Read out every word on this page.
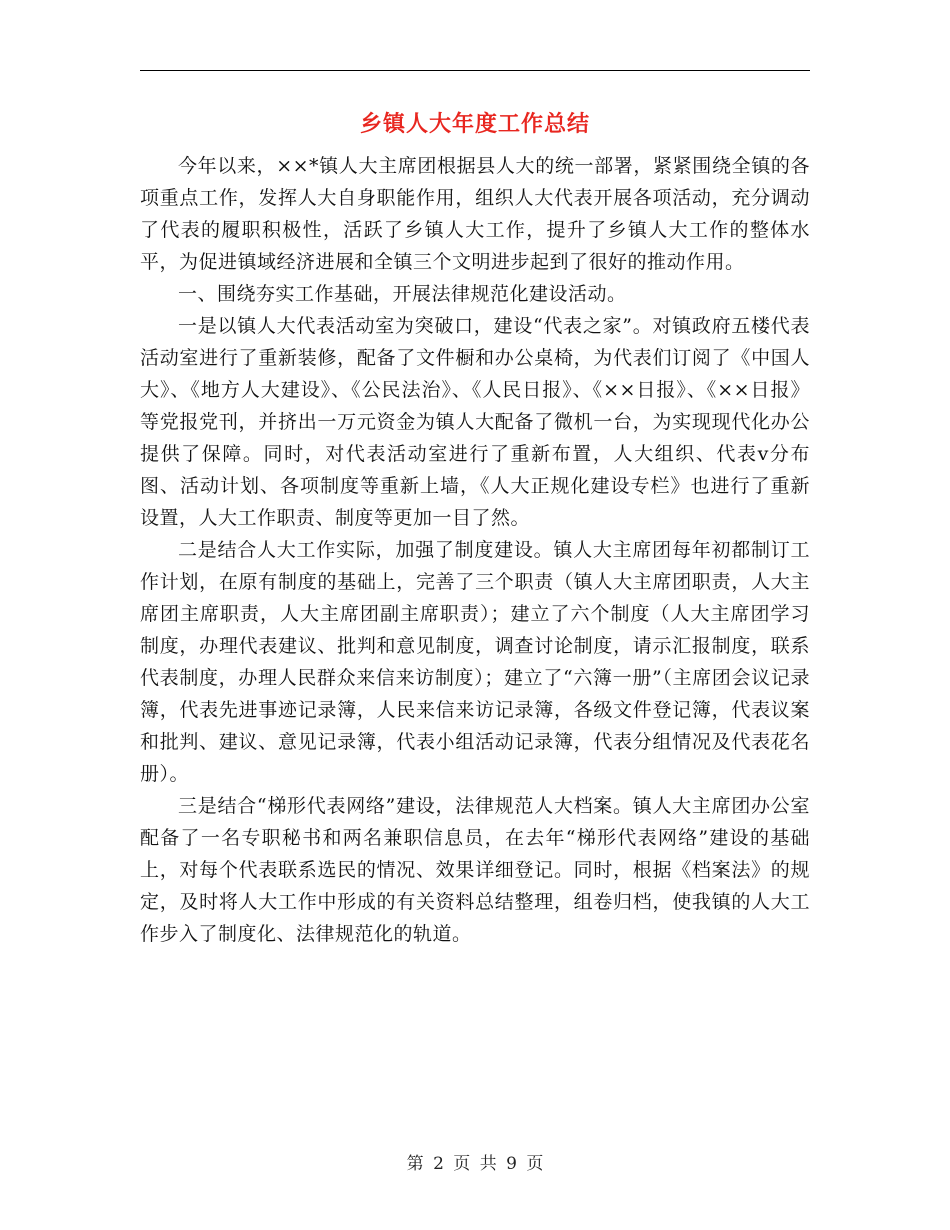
乡镇人大年度工作总结

今年以来，××*镇人大主席团根据县人大的统一部署，紧紧围绕全镇的各项重点工作，发挥人大自身职能作用，组织人大代表开展各项活动，充分调动了代表的履职积极性，活跃了乡镇人大工作，提升了乡镇人大工作的整体水平，为促进镇域经济进展和全镇三个文明进步起到了很好的推动作用。

一、围绕夯实工作基础，开展法律规范化建设活动。

一是以镇人大代表活动室为突破口，建设“代表之家”。对镇政府五楼代表活动室进行了重新装修，配备了文件橱和办公桌椅，为代表们订阅了《中国人大》、《地方人大建设》、《公民法治》、《人民日报》、《××日报》、《××日报》等党报党刊，并挤出一万元资金为镇人大配备了微机一台，为实现现代化办公提供了保障。同时，对代表活动室进行了重新布置，人大组织、代表v分布图、活动计划、各项制度等重新上墙，《人大正规化建设专栏》也进行了重新设置，人大工作职责、制度等更加一目了然。

二是结合人大工作实际，加强了制度建设。镇人大主席团每年初都制订工作计划，在原有制度的基础上，完善了三个职责（镇人大主席团职责，人大主席团主席职责，人大主席团副主席职责）；建立了六个制度（人大主席团学习制度，办理代表建议、批判和意见制度，调查讨论制度，请示汇报制度，联系代表制度，办理人民群众来信来访制度）；建立了“六簿一册”（主席团会议记录簿，代表先进事迹记录簿，人民来信来访记录簿，各级文件登记簿，代表议案和批判、建议、意见记录簿，代表小组活动记录簿，代表分组情况及代表花名册）。

三是结合“梯形代表网络”建设，法律规范人大档案。镇人大主席团办公室配备了一名专职秘书和两名兼职信息员，在去年“梯形代表网络”建设的基础上，对每个代表联系选民的情况、效果详细登记。同时，根据《档案法》的规定，及时将人大工作中形成的有关资料总结整理，组卷归档，使我镇的人大工作步入了制度化、法律规范化的轨道。

第 2 页 共 9 页
